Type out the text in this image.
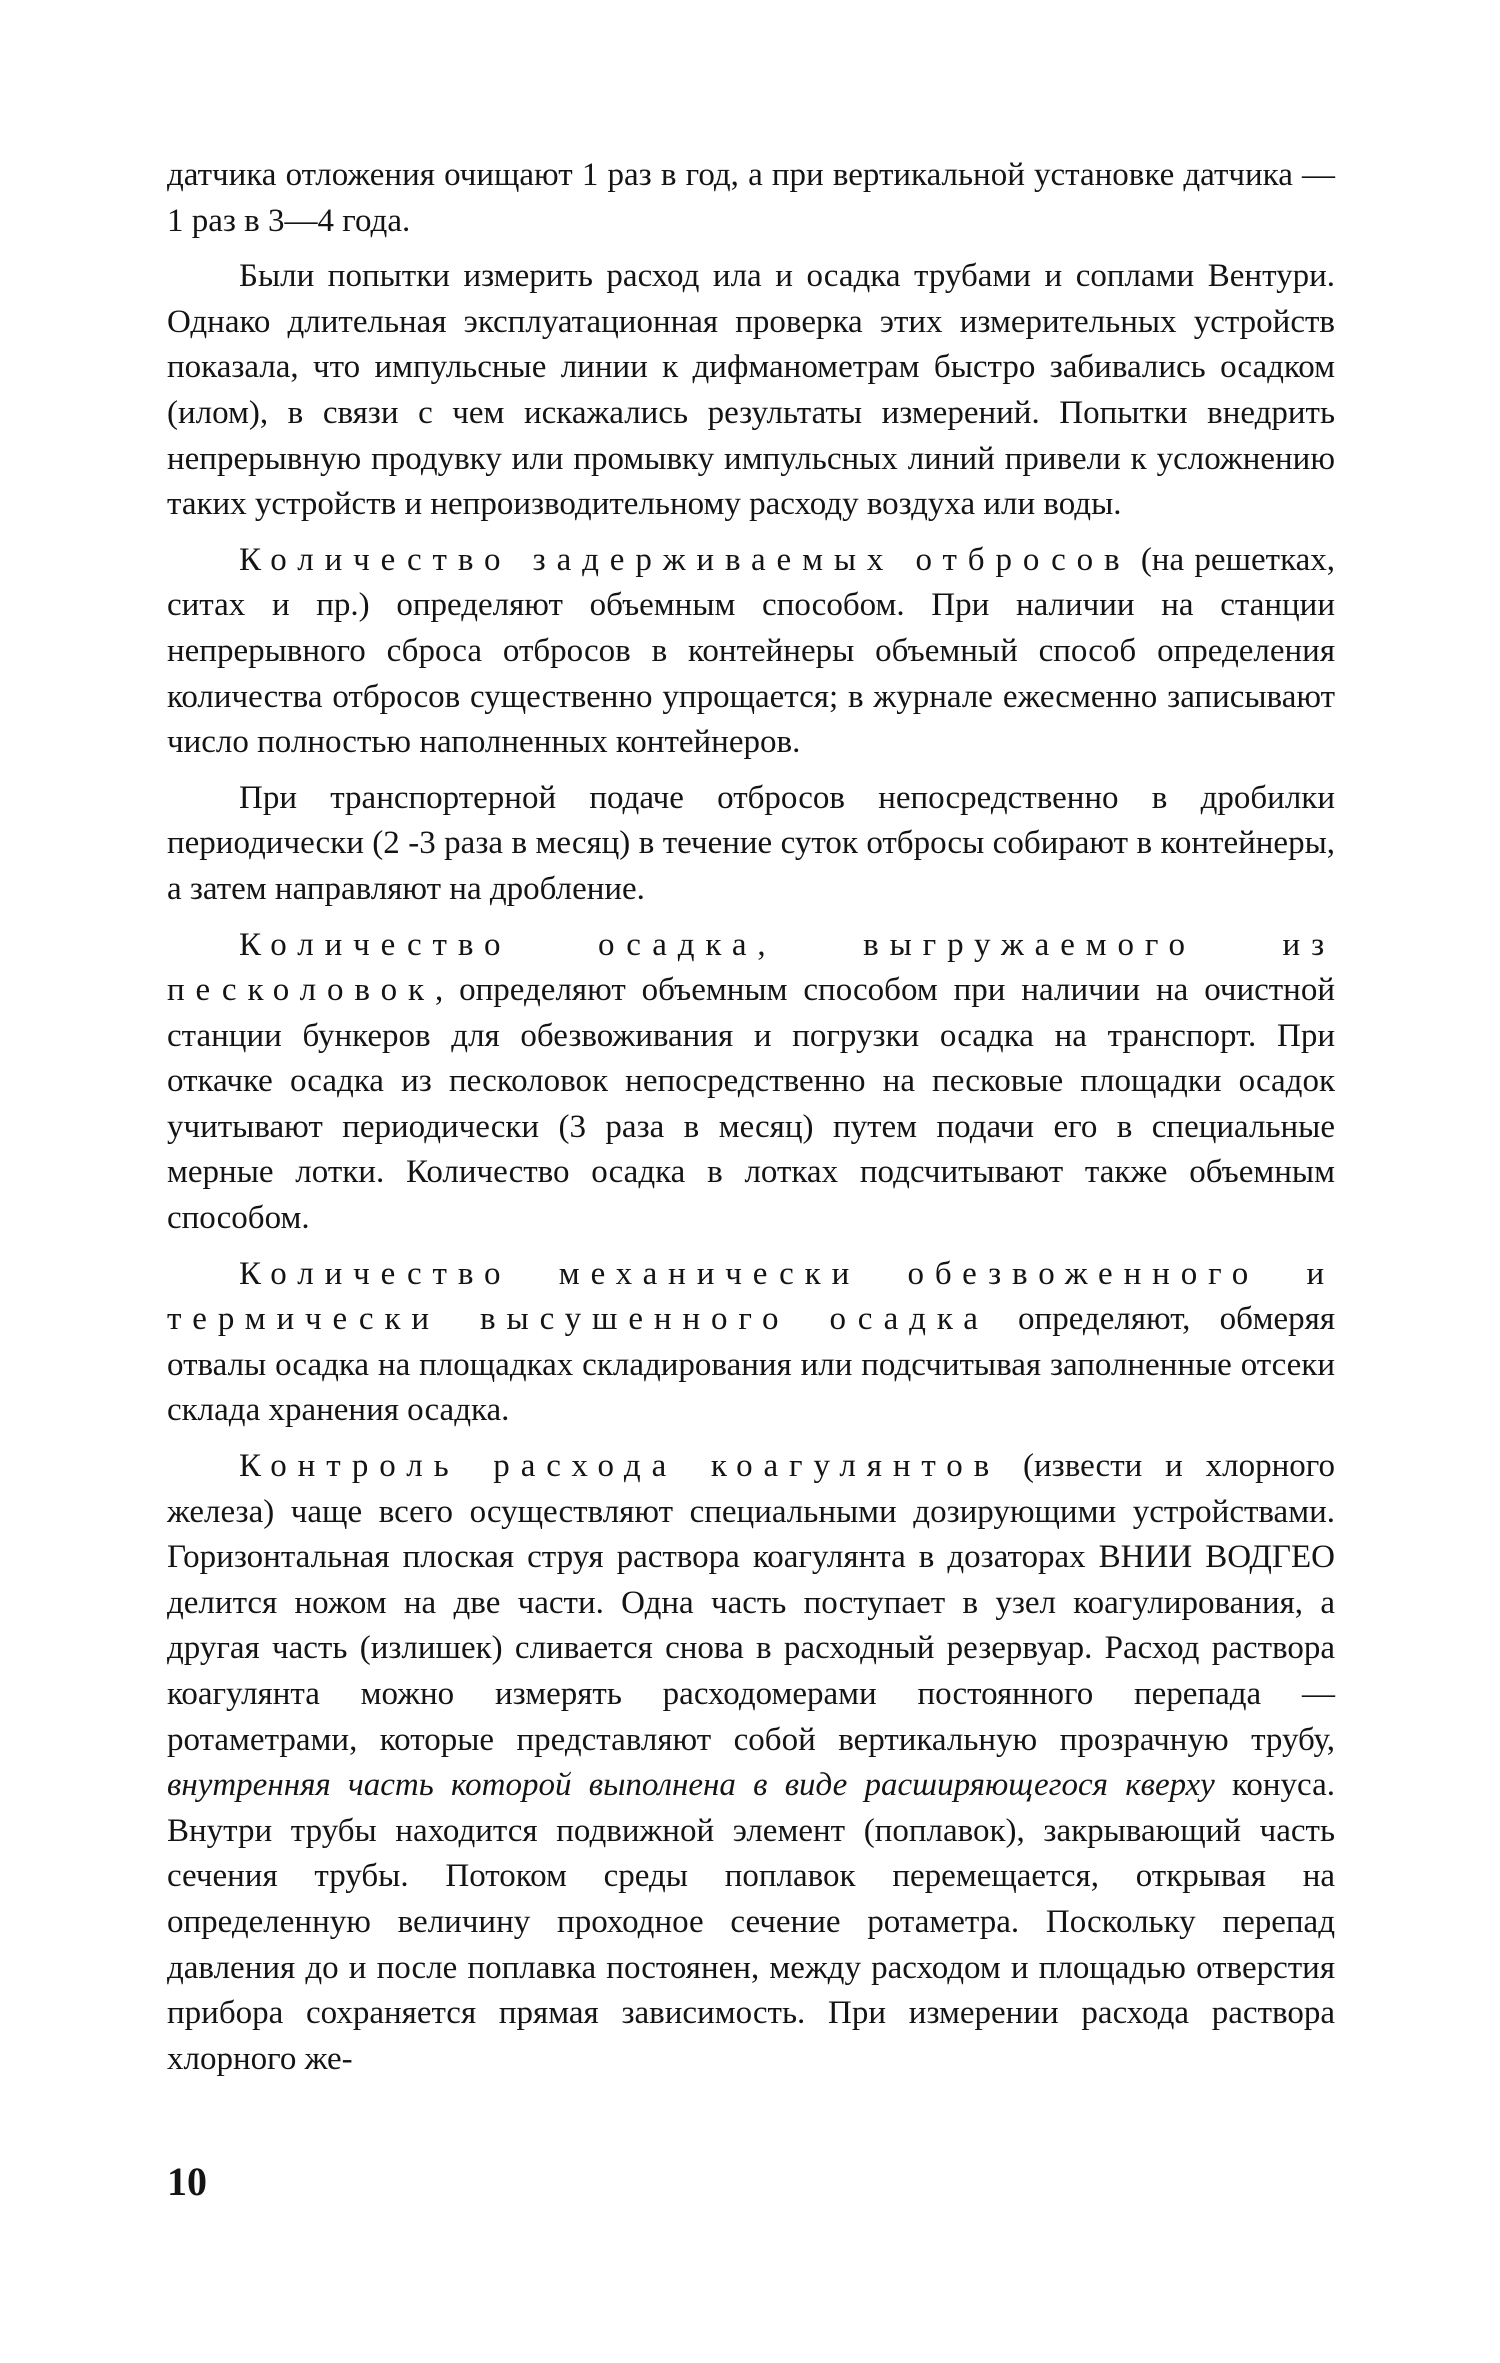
датчика отложения очищают 1 раз в год, а при вертикальной установке датчика — 1 раз в 3—4 года.

Были попытки измерить расход ила и осадка трубами и соплами Вентури. Однако длительная эксплуатационная проверка этих измерительных устройств показала, что импульсные линии к дифманометрам быстро забивались осадком (илом), в связи с чем искажались результаты измерений. Попытки внедрить непрерывную продувку или промывку импульсных линий привели к усложнению таких устройств и непроизводительному расходу воздуха или воды.

Количество задерживаемых отбросов (на решетках, ситах и пр.) определяют объемным способом. При наличии на станции непрерывного сброса отбросов в контейнеры объемный способ определения количества отбросов существенно упрощается; в журнале ежесменно записывают число полностью наполненных контейнеров.

При транспортерной подаче отбросов непосредственно в дробилки периодически (2 -3 раза в месяц) в течение суток отбросы собирают в контейнеры, а затем направляют на дробление.

Количество осадка, выгружаемого из песколовок, определяют объемным способом при наличии на очистной станции бункеров для обезвоживания и погрузки осадка на транспорт. При откачке осадка из песколовок непосредственно на песковые площадки осадок учитывают периодически (3 раза в месяц) путем подачи его в специальные мерные лотки. Количество осадка в лотках подсчитывают также объемным способом.

Количество механически обезвоженного и термически высушенного осадка определяют, обмеряя отвалы осадка на площадках складирования или подсчитывая заполненные отсеки склада хранения осадка.

Контроль расхода коагулянтов (извести и хлорного железа) чаще всего осуществляют специальными дозирующими устройствами. Горизонтальная плоская струя раствора коагулянта в дозаторах ВНИИ ВОДГЕО делится ножом на две части. Одна часть поступает в узел коагулирования, а другая часть (излишек) сливается снова в расходный резервуар. Расход раствора коагулянта можно измерять расходомерами постоянного перепада — ротаметрами, которые представляют собой вертикальную прозрачную трубу, внутренняя часть которой выполнена в виде расширяющегося кверху конуса. Внутри трубы находится подвижной элемент (поплавок), закрывающий часть сечения трубы. Потоком среды поплавок перемещается, открывая на определенную величину проходное сечение ротаметра. Поскольку перепад давления до и после поплавка постоянен, между расходом и площадью отверстия прибора сохраняется прямая зависимость. При измерении расхода раствора хлорного же-

10
